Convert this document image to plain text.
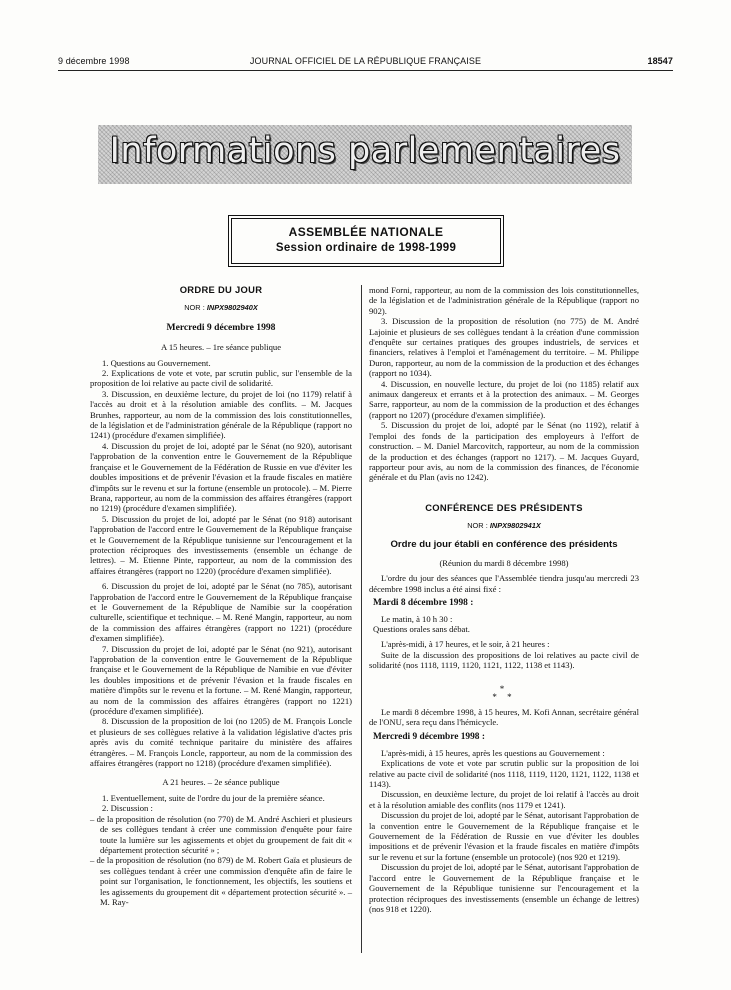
9 décembre 1998	JOURNAL OFFICIEL DE LA RÉPUBLIQUE FRANÇAISE	18547
Informations parlementaires
ASSEMBLÉE NATIONALE
Session ordinaire de 1998-1999
ORDRE DU JOUR
NOR : INPX9802940X
Mercredi 9 décembre 1998
A 15 heures. – 1re séance publique

1. Questions au Gouvernement.

2. Explications de vote et vote, par scrutin public, sur l'ensemble de la proposition de loi relative au pacte civil de solidarité.

3. Discussion, en deuxième lecture, du projet de loi (no 1179) relatif à l'accès au droit et à la résolution amiable des conflits. – M. Jacques Brunhes, rapporteur, au nom de la commission des lois constitutionnelles, de la législation et de l'administration générale de la République (rapport no 1241) (procédure d'examen simplifiée).

4. Discussion du projet de loi, adopté par le Sénat (no 920), autorisant l'approbation de la convention entre le Gouvernement de la République française et le Gouvernement de la Fédération de Russie en vue d'éviter les doubles impositions et de prévenir l'évasion et la fraude fiscales en matière d'impôts sur le revenu et sur la fortune (ensemble un protocole). – M. Pierre Brana, rapporteur, au nom de la commission des affaires étrangères (rapport no 1219) (procédure d'examen simplifiée).

5. Discussion du projet de loi, adopté par le Sénat (no 918) autorisant l'approbation de l'accord entre le Gouvernement de la République française et le Gouvernement de la République tunisienne sur l'encouragement et la protection réciproques des investissements (ensemble un échange de lettres). – M. Etienne Pinte, rapporteur, au nom de la commission des affaires étrangères (rapport no 1220) (procédure d'examen simplifiée).

6. Discussion du projet de loi, adopté par le Sénat (no 785), autorisant l'approbation de l'accord entre le Gouvernement de la République française et le Gouvernement de la République de Namibie sur la coopération culturelle, scientifique et technique. – M. René Mangin, rapporteur, au nom de la commission des affaires étrangères (rapport no 1221) (procédure d'examen simplifiée).

7. Discussion du projet de loi, adopté par le Sénat (no 921), autorisant l'approbation de la convention entre le Gouvernement de la République française et le Gouvernement de la République de Namibie en vue d'éviter les doubles impositions et de prévenir l'évasion et la fraude fiscales en matière d'impôts sur le revenu et la fortune. – M. René Mangin, rapporteur, au nom de la commission des affaires étrangères (rapport no 1221) (procédure d'examen simplifiée).

8. Discussion de la proposition de loi (no 1205) de M. François Loncle et plusieurs de ses collègues relative à la validation législative d'actes pris après avis du comité technique paritaire du ministère des affaires étrangères. – M. François Loncle, rapporteur, au nom de la commission des affaires étrangères (rapport no 1218) (procédure d'examen simplifiée).

A 21 heures. – 2e séance publique

1. Eventuellement, suite de l'ordre du jour de la première séance.

2. Discussion :

– de la proposition de résolution (no 770) de M. André Aschieri et plusieurs de ses collègues tendant à créer une commission d'enquête pour faire toute la lumière sur les agissements et objet du groupement de fait dit « département protection sécurité » ;

– de la proposition de résolution (no 879) de M. Robert Gaïa et plusieurs de ses collègues tendant à créer une commission d'enquête afin de faire le point sur l'organisation, le fonctionnement, les objectifs, les soutiens et les agissements du groupement dit « département protection sécurité ». – M. Ray-

mond Forni, rapporteur, au nom de la commission des lois constitutionnelles, de la législation et de l'administration générale de la République (rapport no 902).

3. Discussion de la proposition de résolution (no 775) de M. André Lajoinie et plusieurs de ses collègues tendant à la création d'une commission d'enquête sur certaines pratiques des groupes industriels, de services et financiers, relatives à l'emploi et l'aménagement du territoire. – M. Philippe Duron, rapporteur, au nom de la commission de la production et des échanges (rapport no 1034).

4. Discussion, en nouvelle lecture, du projet de loi (no 1185) relatif aux animaux dangereux et errants et à la protection des animaux. – M. Georges Sarre, rapporteur, au nom de la commission de la production et des échanges (rapport no 1207) (procédure d'examen simplifiée).

5. Discussion du projet de loi, adopté par le Sénat (no 1192), relatif à l'emploi des fonds de la participation des employeurs à l'effort de construction. – M. Daniel Marcovitch, rapporteur, au nom de la commission de la production et des échanges (rapport no 1217). – M. Jacques Guyard, rapporteur pour avis, au nom de la commission des finances, de l'économie générale et du Plan (avis no 1242).

CONFÉRENCE DES PRÉSIDENTS
NOR : INPX9802941X
Ordre du jour établi en conférence des présidents
(Réunion du mardi 8 décembre 1998)

L'ordre du jour des séances que l'Assemblée tiendra jusqu'au mercredi 23 décembre 1998 inclus a été ainsi fixé :

Mardi 8 décembre 1998 :

Le matin, à 10 h 30 :

Questions orales sans débat.

L'après-midi, à 17 heures, et le soir, à 21 heures :

Suite de la discussion des propositions de loi relatives au pacte civil de solidarité (nos 1118, 1119, 1120, 1121, 1122, 1138 et 1143).

*
* *

Le mardi 8 décembre 1998, à 15 heures, M. Kofi Annan, secrétaire général de l'ONU, sera reçu dans l'hémicycle.

Mercredi 9 décembre 1998 :

L'après-midi, à 15 heures, après les questions au Gouvernement :

Explications de vote et vote par scrutin public sur la proposition de loi relative au pacte civil de solidarité (nos 1118, 1119, 1120, 1121, 1122, 1138 et 1143).

Discussion, en deuxième lecture, du projet de loi relatif à l'accès au droit et à la résolution amiable des conflits (nos 1179 et 1241).

Discussion du projet de loi, adopté par le Sénat, autorisant l'approbation de la convention entre le Gouvernement de la République française et le Gouvernement de la Fédération de Russie en vue d'éviter les doubles impositions et de prévenir l'évasion et la fraude fiscales en matière d'impôts sur le revenu et sur la fortune (ensemble un protocole) (nos 920 et 1219).

Discussion du projet de loi, adopté par le Sénat, autorisant l'approbation de l'accord entre le Gouvernement de la République française et le Gouvernement de la République tunisienne sur l'encouragement et la protection réciproques des investissements (ensemble un échange de lettres) (nos 918 et 1220).
